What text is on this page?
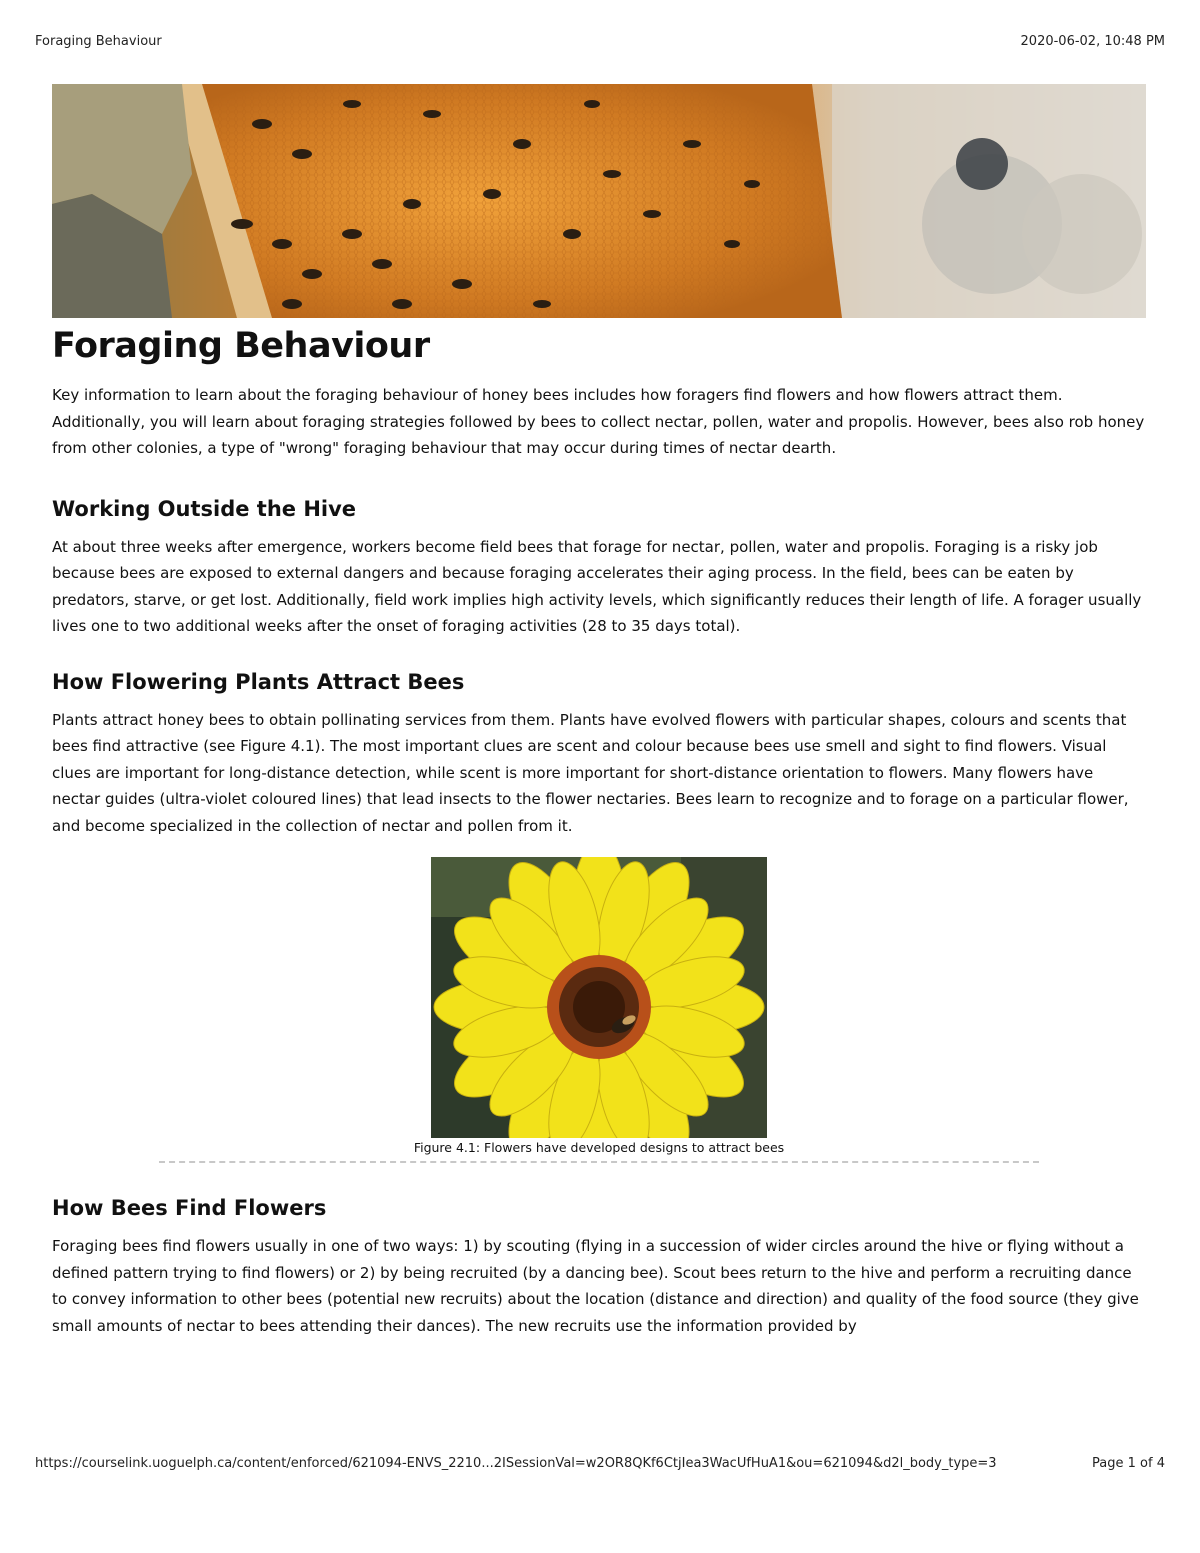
Foraging Behaviour	2020-06-02, 10:48 PM
Foraging Behaviour

Key information to learn about the foraging behaviour of honey bees includes how foragers find flowers and how flowers attract them. Additionally, you will learn about foraging strategies followed by bees to collect nectar, pollen, water and propolis. However, bees also rob honey from other colonies, a type of "wrong" foraging behaviour that may occur during times of nectar dearth.

Working Outside the Hive

At about three weeks after emergence, workers become field bees that forage for nectar, pollen, water and propolis. Foraging is a risky job because bees are exposed to external dangers and because foraging accelerates their aging process. In the field, bees can be eaten by predators, starve, or get lost. Additionally, field work implies high activity levels, which significantly reduces their length of life. A forager usually lives one to two additional weeks after the onset of foraging activities (28 to 35 days total).

How Flowering Plants Attract Bees

Plants attract honey bees to obtain pollinating services from them. Plants have evolved flowers with particular shapes, colours and scents that bees find attractive (see Figure 4.1). The most important clues are scent and colour because bees use smell and sight to find flowers. Visual clues are important for long-distance detection, while scent is more important for short-distance orientation to flowers. Many flowers have nectar guides (ultra-violet coloured lines) that lead insects to the flower nectaries. Bees learn to recognize and to forage on a particular flower, and become specialized in the collection of nectar and pollen from it.

Figure 4.1: Flowers have developed designs to attract bees
How Bees Find Flowers

Foraging bees find flowers usually in one of two ways: 1) by scouting (flying in a succession of wider circles around the hive or flying without a defined pattern trying to find flowers) or 2) by being recruited (by a dancing bee). Scout bees return to the hive and perform a recruiting dance to convey information to other bees (potential new recruits) about the location (distance and direction) and quality of the food source (they give small amounts of nectar to bees attending their dances). The new recruits use the information provided by

https://courselink.uoguelph.ca/content/enforced/621094-ENVS_2210...2ISessionVal=w2OR8QKf6CtjIea3WacUfHuA1&ou=621094&d2l_body_type=3	Page 1 of 4
